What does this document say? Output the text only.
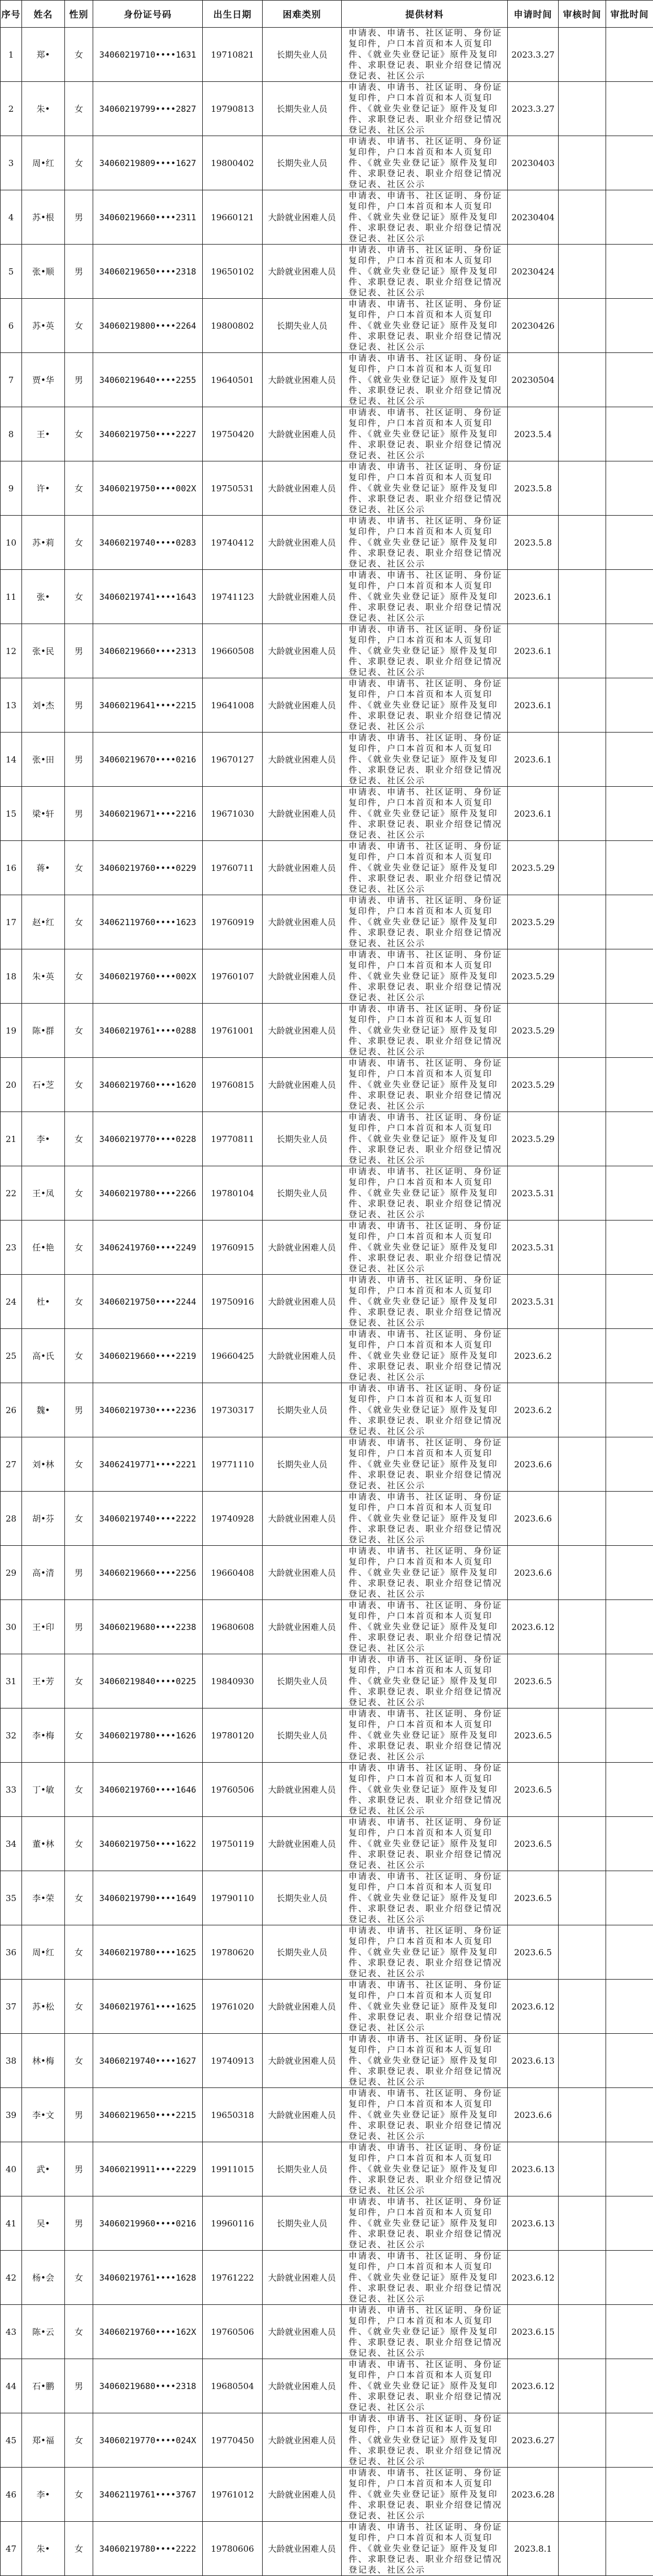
序号	姓名	性别	身份证号码	出生日期	困难类别	提供材料	申请时间	审核时间	审批时间
1	郑•	女	34060219710••••1631	19710821	长期失业人员	申请表、申请书、社区证明、身份证复印件，户口本首页和本人页复印件、《就业失业登记证》原件及复印件、求职登记表、职业介绍登记情况登记表、社区公示	2023.3.27		
2	朱•	女	34060219799••••2827	19790813	长期失业人员	申请表、申请书、社区证明、身份证复印件，户口本首页和本人页复印件、《就业失业登记证》原件及复印件、求职登记表、职业介绍登记情况登记表、社区公示	2023.3.27		
3	周•红	女	34060219809••••1627	19800402	长期失业人员	申请表、申请书、社区证明、身份证复印件，户口本首页和本人页复印件、《就业失业登记证》原件及复印件、求职登记表、职业介绍登记情况登记表、社区公示	20230403		
4	苏•根	男	34060219660••••2311	19660121	大龄就业困难人员	申请表、申请书、社区证明、身份证复印件，户口本首页和本人页复印件、《就业失业登记证》原件及复印件、求职登记表、职业介绍登记情况登记表、社区公示	20230404		
5	张•顺	男	34060219650••••2318	19650102	大龄就业困难人员	申请表、申请书、社区证明、身份证复印件，户口本首页和本人页复印件、《就业失业登记证》原件及复印件、求职登记表、职业介绍登记情况登记表、社区公示	20230424		
6	苏•英	女	34060219800••••2264	19800802	长期失业人员	申请表、申请书、社区证明、身份证复印件，户口本首页和本人页复印件、《就业失业登记证》原件及复印件、求职登记表、职业介绍登记情况登记表、社区公示	20230426		
7	贾•华	男	34060219640••••2255	19640501	大龄就业困难人员	申请表、申请书、社区证明、身份证复印件，户口本首页和本人页复印件、《就业失业登记证》原件及复印件、求职登记表、职业介绍登记情况登记表、社区公示	20230504		
8	王•	女	34060219750••••2227	19750420	大龄就业困难人员	申请表、申请书、社区证明、身份证复印件，户口本首页和本人页复印件、《就业失业登记证》原件及复印件、求职登记表、职业介绍登记情况登记表、社区公示	2023.5.4		
9	许•	女	34060219750••••002X	19750531	大龄就业困难人员	申请表、申请书、社区证明、身份证复印件，户口本首页和本人页复印件、《就业失业登记证》原件及复印件、求职登记表、职业介绍登记情况登记表、社区公示	2023.5.8		
10	苏•莉	女	34060219740••••0283	19740412	大龄就业困难人员	申请表、申请书、社区证明、身份证复印件，户口本首页和本人页复印件、《就业失业登记证》原件及复印件、求职登记表、职业介绍登记情况登记表、社区公示	2023.5.8		
11	张•	女	34060219741••••1643	19741123	大龄就业困难人员	申请表、申请书、社区证明、身份证复印件，户口本首页和本人页复印件、《就业失业登记证》原件及复印件、求职登记表、职业介绍登记情况登记表、社区公示	2023.6.1		
12	张•民	男	34060219660••••2313	19660508	大龄就业困难人员	申请表、申请书、社区证明、身份证复印件，户口本首页和本人页复印件、《就业失业登记证》原件及复印件、求职登记表、职业介绍登记情况登记表、社区公示	2023.6.1		
13	刘•杰	男	34060219641••••2215	19641008	大龄就业困难人员	申请表、申请书、社区证明、身份证复印件，户口本首页和本人页复印件、《就业失业登记证》原件及复印件、求职登记表、职业介绍登记情况登记表、社区公示	2023.6.1		
14	张•田	男	34060219670••••0216	19670127	大龄就业困难人员	申请表、申请书、社区证明、身份证复印件，户口本首页和本人页复印件、《就业失业登记证》原件及复印件、求职登记表、职业介绍登记情况登记表、社区公示	2023.6.1		
15	梁•轩	男	34060219671••••2216	19671030	大龄就业困难人员	申请表、申请书、社区证明、身份证复印件，户口本首页和本人页复印件、《就业失业登记证》原件及复印件、求职登记表、职业介绍登记情况登记表、社区公示	2023.6.1		
16	蒋•	女	34060219760••••0229	19760711	大龄就业困难人员	申请表、申请书、社区证明、身份证复印件，户口本首页和本人页复印件、《就业失业登记证》原件及复印件、求职登记表、职业介绍登记情况登记表、社区公示	2023.5.29		
17	赵•红	女	34062119760••••1623	19760919	大龄就业困难人员	申请表、申请书、社区证明、身份证复印件，户口本首页和本人页复印件、《就业失业登记证》原件及复印件、求职登记表、职业介绍登记情况登记表、社区公示	2023.5.29		
18	朱•英	女	34060219760••••002X	19760107	大龄就业困难人员	申请表、申请书、社区证明、身份证复印件，户口本首页和本人页复印件、《就业失业登记证》原件及复印件、求职登记表、职业介绍登记情况登记表、社区公示	2023.5.29		
19	陈•群	女	34060219761••••0288	19761001	大龄就业困难人员	申请表、申请书、社区证明、身份证复印件，户口本首页和本人页复印件、《就业失业登记证》原件及复印件、求职登记表、职业介绍登记情况登记表、社区公示	2023.5.29		
20	石•芝	女	34060219760••••1620	19760815	大龄就业困难人员	申请表、申请书、社区证明、身份证复印件，户口本首页和本人页复印件、《就业失业登记证》原件及复印件、求职登记表、职业介绍登记情况登记表、社区公示	2023.5.29		
21	李•	女	34060219770••••0228	19770811	长期失业人员	申请表、申请书、社区证明、身份证复印件，户口本首页和本人页复印件、《就业失业登记证》原件及复印件、求职登记表、职业介绍登记情况登记表、社区公示	2023.5.29		
22	王•凤	女	34060219780••••2266	19780104	长期失业人员	申请表、申请书、社区证明、身份证复印件，户口本首页和本人页复印件、《就业失业登记证》原件及复印件、求职登记表、职业介绍登记情况登记表、社区公示	2023.5.31		
23	任•艳	女	34062419760••••2249	19760915	大龄就业困难人员	申请表、申请书、社区证明、身份证复印件，户口本首页和本人页复印件、《就业失业登记证》原件及复印件、求职登记表、职业介绍登记情况登记表、社区公示	2023.5.31		
24	杜•	女	34060219750••••2244	19750916	大龄就业困难人员	申请表、申请书、社区证明、身份证复印件，户口本首页和本人页复印件、《就业失业登记证》原件及复印件、求职登记表、职业介绍登记情况登记表、社区公示	2023.5.31		
25	高•氏	女	34060219660••••2219	19660425	大龄就业困难人员	申请表、申请书、社区证明、身份证复印件，户口本首页和本人页复印件、《就业失业登记证》原件及复印件、求职登记表、职业介绍登记情况登记表、社区公示	2023.6.2		
26	魏•	男	34060219730••••2236	19730317	长期失业人员	申请表、申请书、社区证明、身份证复印件，户口本首页和本人页复印件、《就业失业登记证》原件及复印件、求职登记表、职业介绍登记情况登记表、社区公示	2023.6.2		
27	刘•林	女	34062419771••••2221	19771110	长期失业人员	申请表、申请书、社区证明、身份证复印件，户口本首页和本人页复印件、《就业失业登记证》原件及复印件、求职登记表、职业介绍登记情况登记表、社区公示	2023.6.6		
28	胡•芬	女	34060219740••••2222	19740928	大龄就业困难人员	申请表、申请书、社区证明、身份证复印件，户口本首页和本人页复印件、《就业失业登记证》原件及复印件、求职登记表、职业介绍登记情况登记表、社区公示	2023.6.6		
29	高•清	男	34060219660••••2256	19660408	大龄就业困难人员	申请表、申请书、社区证明、身份证复印件，户口本首页和本人页复印件、《就业失业登记证》原件及复印件、求职登记表、职业介绍登记情况登记表、社区公示	2023.6.6		
30	王•印	男	34060219680••••2238	19680608	大龄就业困难人员	申请表、申请书、社区证明、身份证复印件，户口本首页和本人页复印件、《就业失业登记证》原件及复印件、求职登记表、职业介绍登记情况登记表、社区公示	2023.6.12		
31	王•芳	女	34060219840••••0225	19840930	长期失业人员	申请表、申请书、社区证明、身份证复印件，户口本首页和本人页复印件、《就业失业登记证》原件及复印件、求职登记表、职业介绍登记情况登记表、社区公示	2023.6.5		
32	李•梅	女	34060219780••••1626	19780120	长期失业人员	申请表、申请书、社区证明、身份证复印件，户口本首页和本人页复印件、《就业失业登记证》原件及复印件、求职登记表、职业介绍登记情况登记表、社区公示	2023.6.5		
33	丁•敏	女	34060219760••••1646	19760506	大龄就业困难人员	申请表、申请书、社区证明、身份证复印件，户口本首页和本人页复印件、《就业失业登记证》原件及复印件、求职登记表、职业介绍登记情况登记表、社区公示	2023.6.5		
34	董•林	女	34060219750••••1622	19750119	大龄就业困难人员	申请表、申请书、社区证明、身份证复印件，户口本首页和本人页复印件、《就业失业登记证》原件及复印件、求职登记表、职业介绍登记情况登记表、社区公示	2023.6.5		
35	李•荣	女	34060219790••••1649	19790110	长期失业人员	申请表、申请书、社区证明、身份证复印件，户口本首页和本人页复印件、《就业失业登记证》原件及复印件、求职登记表、职业介绍登记情况登记表、社区公示	2023.6.5		
36	周•红	女	34060219780••••1625	19780620	长期失业人员	申请表、申请书、社区证明、身份证复印件，户口本首页和本人页复印件、《就业失业登记证》原件及复印件、求职登记表、职业介绍登记情况登记表、社区公示	2023.6.5		
37	苏•松	女	34060219761••••1625	19761020	大龄就业困难人员	申请表、申请书、社区证明、身份证复印件，户口本首页和本人页复印件、《就业失业登记证》原件及复印件、求职登记表、职业介绍登记情况登记表、社区公示	2023.6.12		
38	林•梅	女	34060219740••••1627	19740913	大龄就业困难人员	申请表、申请书、社区证明、身份证复印件，户口本首页和本人页复印件、《就业失业登记证》原件及复印件、求职登记表、职业介绍登记情况登记表、社区公示	2023.6.13		
39	李•文	男	34060219650••••2215	19650318	大龄就业困难人员	申请表、申请书、社区证明、身份证复印件，户口本首页和本人页复印件、《就业失业登记证》原件及复印件、求职登记表、职业介绍登记情况登记表、社区公示	2023.6.6		
40	武•	男	34060219911••••2229	19911015	长期失业人员	申请表、申请书、社区证明、身份证复印件，户口本首页和本人页复印件、《就业失业登记证》原件及复印件、求职登记表、职业介绍登记情况登记表、社区公示	2023.6.13		
41	吴•	男	34060219960••••0216	19960116	长期失业人员	申请表、申请书、社区证明、身份证复印件，户口本首页和本人页复印件、《就业失业登记证》原件及复印件、求职登记表、职业介绍登记情况登记表、社区公示	2023.6.13		
42	杨•会	女	34060219761••••1628	19761222	大龄就业困难人员	申请表、申请书、社区证明、身份证复印件，户口本首页和本人页复印件、《就业失业登记证》原件及复印件、求职登记表、职业介绍登记情况登记表、社区公示	2023.6.12		
43	陈•云	女	34060219760••••162X	19760506	大龄就业困难人员	申请表、申请书、社区证明、身份证复印件，户口本首页和本人页复印件、《就业失业登记证》原件及复印件、求职登记表、职业介绍登记情况登记表、社区公示	2023.6.15		
44	石•鹏	男	34060219680••••2318	19680504	大龄就业困难人员	申请表、申请书、社区证明、身份证复印件，户口本首页和本人页复印件、《就业失业登记证》原件及复印件、求职登记表、职业介绍登记情况登记表、社区公示	2023.6.12		
45	郑•福	女	34060219770••••024X	19770450	大龄就业困难人员	申请表、申请书、社区证明、身份证复印件，户口本首页和本人页复印件、《就业失业登记证》原件及复印件、求职登记表、职业介绍登记情况登记表、社区公示	2023.6.27		
46	李•	女	34062119761••••3767	19761012	大龄就业困难人员	申请表、申请书、社区证明、身份证复印件，户口本首页和本人页复印件、《就业失业登记证》原件及复印件、求职登记表、职业介绍登记情况登记表、社区公示	2023.6.28		
47	朱•	女	34060219780••••2222	19780606	大龄就业困难人员	申请表、申请书、社区证明、身份证复印件，户口本首页和本人页复印件、《就业失业登记证》原件及复印件、求职登记表、职业介绍登记情况登记表、社区公示	2023.8.1		
